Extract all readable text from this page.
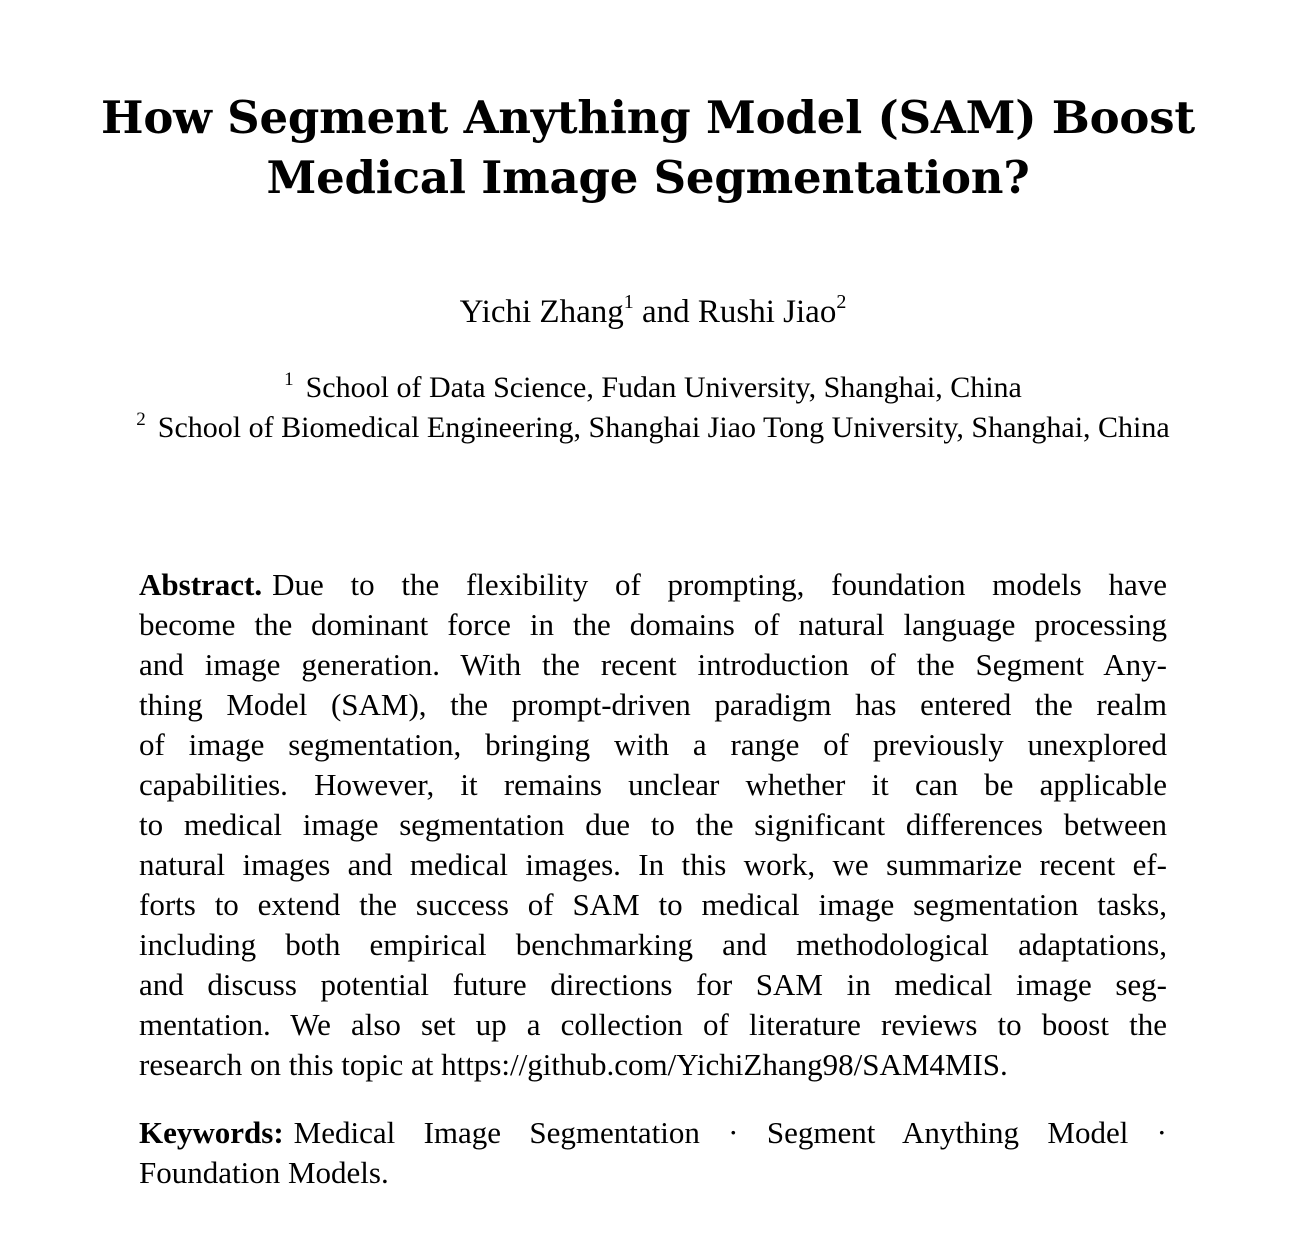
How Segment Anything Model (SAM) Boost
Medical Image Segmentation?
Yichi Zhang$^1$ and Rushi Jiao$^2$
$^1$ School of Data Science, Fudan University, Shanghai, China
$^2$ School of Biomedical Engineering, Shanghai Jiao Tong University, Shanghai, China
Abstract. Due to the flexibility of prompting, foundation models have
become the dominant force in the domains of natural language processing
and image generation. With the recent introduction of the Segment Any-
thing Model (SAM), the prompt-driven paradigm has entered the realm
of image segmentation, bringing with a range of previously unexplored
capabilities. However, it remains unclear whether it can be applicable
to medical image segmentation due to the significant differences between
natural images and medical images. In this work, we summarize recent ef-
forts to extend the success of SAM to medical image segmentation tasks,
including both empirical benchmarking and methodological adaptations,
and discuss potential future directions for SAM in medical image seg-
mentation. We also set up a collection of literature reviews to boost the
research on this topic at https://github.com/YichiZhang98/SAM4MIS.
Keywords: Medical Image Segmentation · Segment Anything Model ·
Foundation Models.
